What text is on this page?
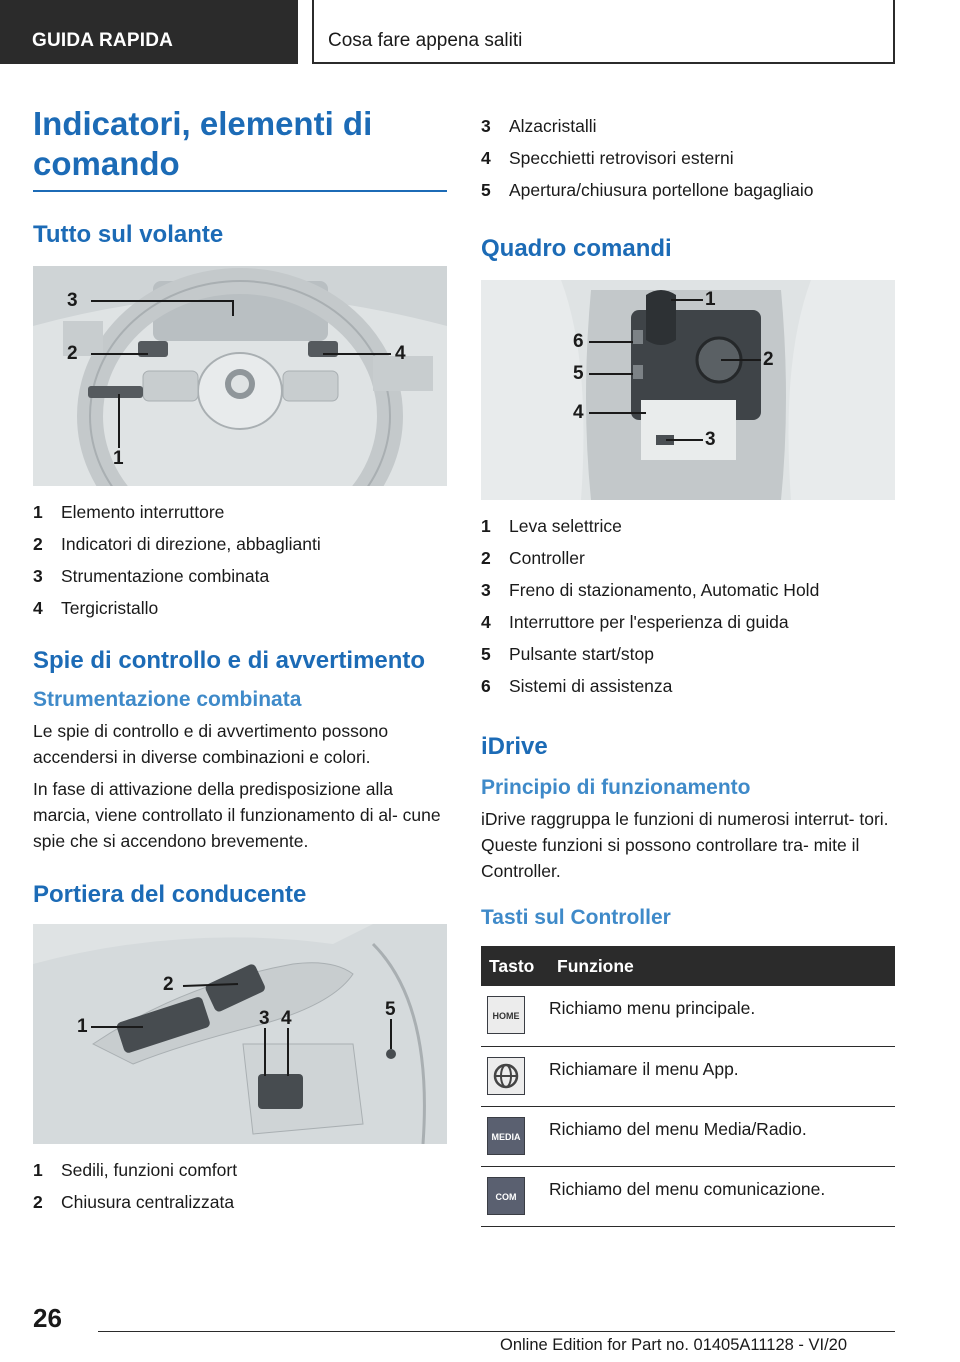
GUIDA RAPIDA	Cosa fare appena saliti
Indicatori, elementi di comando
Tutto sul volante
3
2	4
1
1 Elemento interruttore
2 Indicatori di direzione, abbaglianti
3 Strumentazione combinata
4 Tergicristallo
Spie di controllo e di avvertimento
Strumentazione combinata

Le spie di controllo e di avvertimento possono accendersi in diverse combinazioni e colori.

In fase di attivazione della predisposizione alla marcia, viene controllato il funzionamento di al‐ cune spie che si accendono brevemente.

Portiera del conducente
1
2
3 4	5
1 Sedili, funzioni comfort
2 Chiusura centralizzata
3 Alzacristalli
4 Specchietti retrovisori esterni
5 Apertura/chiusura portellone bagagliaio
Quadro comandi
1
2
3
4
5
6
1 Leva selettrice
2 Controller
3 Freno di stazionamento, Automatic Hold
4 Interruttore per l'esperienza di guida
5 Pulsante start/stop
6 Sistemi di assistenza
iDrive
Principio di funzionamento

iDrive raggruppa le funzioni di numerosi interrut‐ tori. Queste funzioni si possono controllare tra‐ mite il Controller.

Tasti sul Controller
Tasto	Funzione
HOME	Richiamo menu principale.

	Richiamare il menu App.
MEDIA	Richiamo del menu Media/Radio.
COM	Richiamo del menu comunicazione.
26
Online Edition for Part no. 01405A11128 - VI/20
